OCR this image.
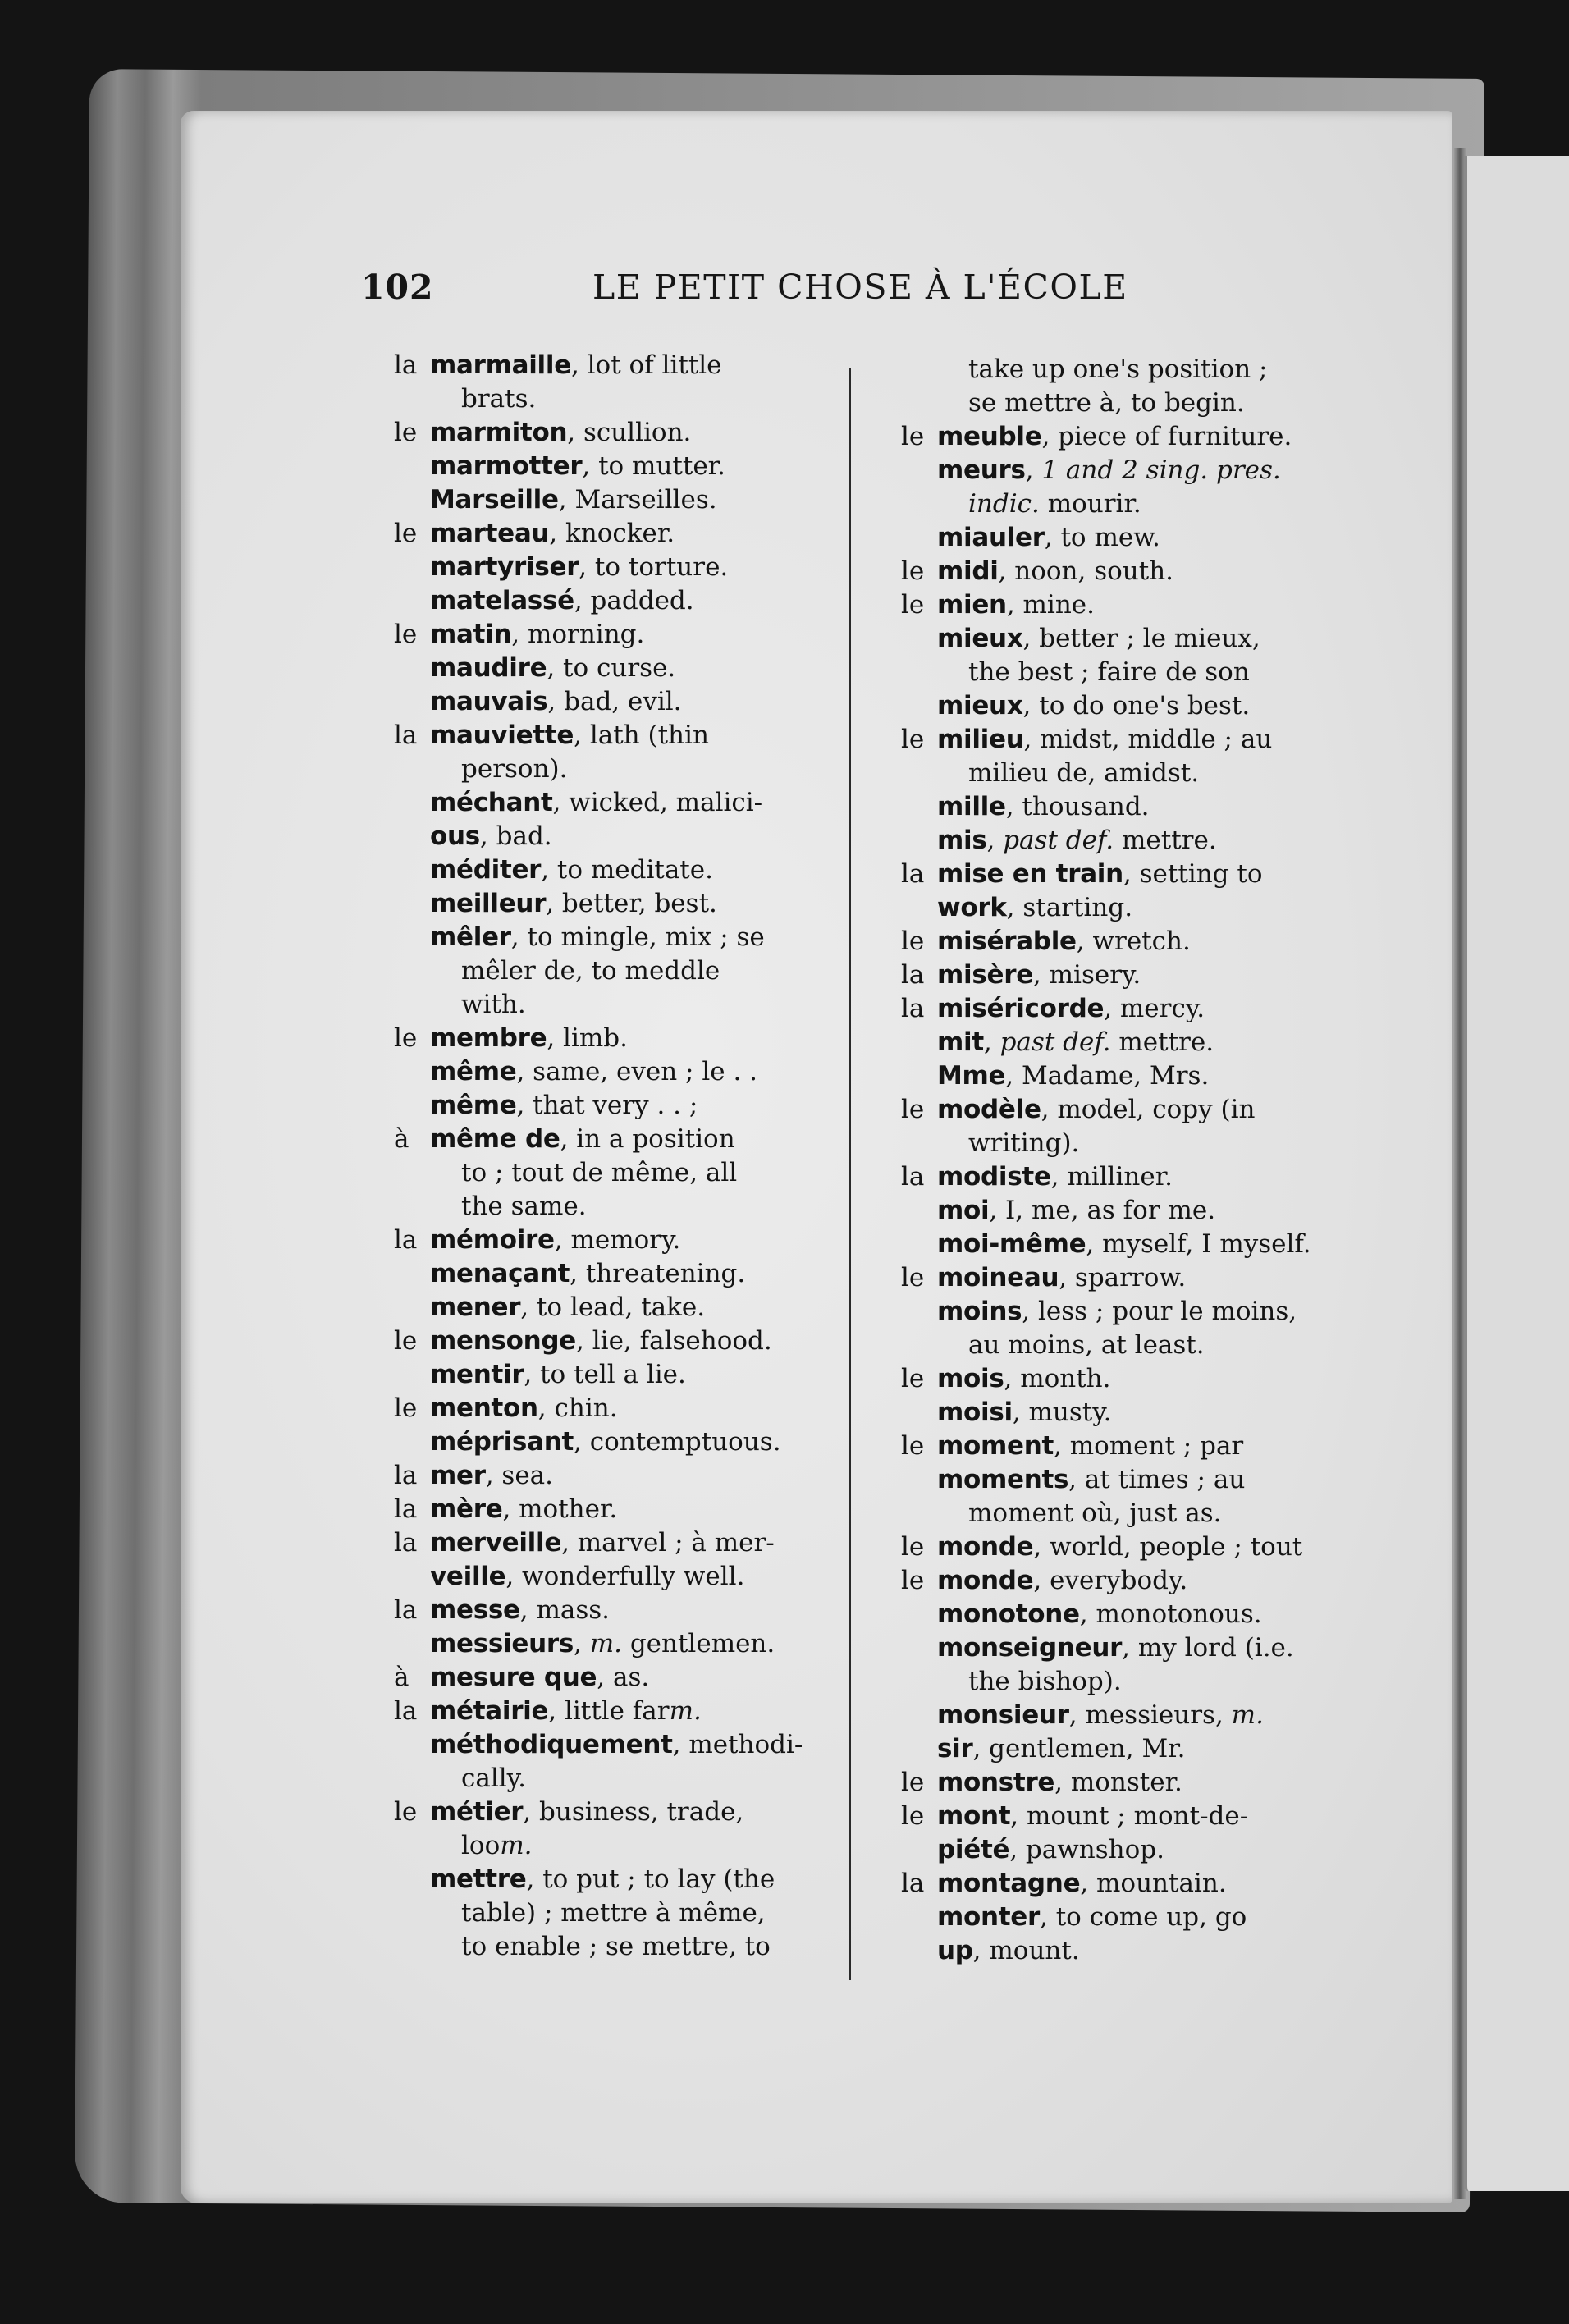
102	LE PETIT CHOSE À L'ÉCOLE
la marmaille, lot of little
brats.
le marmiton, scullion.
marmotter, to mutter.
Marseille, Marseilles.
le marteau, knocker.
martyriser, to torture.
matelassé, padded.
le matin, morning.
maudire, to curse.
mauvais, bad, evil.
la mauviette, lath (thin
person).
méchant, wicked, malici-
ous, bad.
méditer, to meditate.
meilleur, better, best.
mêler, to mingle, mix ; se
mêler de, to meddle
with.
le membre, limb.
même, same, even ; le . .
même, that very . . ;
à même de, in a position
to ; tout de même, all
the same.
la mémoire, memory.
menaçant, threatening.
mener, to lead, take.
le mensonge, lie, falsehood.
mentir, to tell a lie.
le menton, chin.
méprisant, contemptuous.
la mer, sea.
la mère, mother.
la merveille, marvel ; à mer-
veille, wonderfully well.
la messe, mass.
messieurs, m. gentlemen.
à mesure que, as.
la métairie, little farm.
méthodiquement, methodi-
cally.
le métier, business, trade,
loom.
mettre, to put ; to lay (the
table) ; mettre à même,
to enable ; se mettre, to
take up one's position ;
se mettre à, to begin.
le meuble, piece of furniture.
meurs, 1 and 2 sing. pres.
indic. mourir.
miauler, to mew.
le midi, noon, south.
le mien, mine.
mieux, better ; le mieux,
the best ; faire de son
mieux, to do one's best.
le milieu, midst, middle ; au
milieu de, amidst.
mille, thousand.
mis, past def. mettre.
la mise en train, setting to
work, starting.
le misérable, wretch.
la misère, misery.
la miséricorde, mercy.
mit, past def. mettre.
Mme, Madame, Mrs.
le modèle, model, copy (in
writing).
la modiste, milliner.
moi, I, me, as for me.
moi-même, myself, I myself.
le moineau, sparrow.
moins, less ; pour le moins,
au moins, at least.
le mois, month.
moisi, musty.
le moment, moment ; par
moments, at times ; au
moment où, just as.
le monde, world, people ; tout
le monde, everybody.
monotone, monotonous.
monseigneur, my lord (i.e.
the bishop).
monsieur, messieurs, m.
sir, gentlemen, Mr.
le monstre, monster.
le mont, mount ; mont-de-
piété, pawnshop.
la montagne, mountain.
monter, to come up, go
up, mount.
